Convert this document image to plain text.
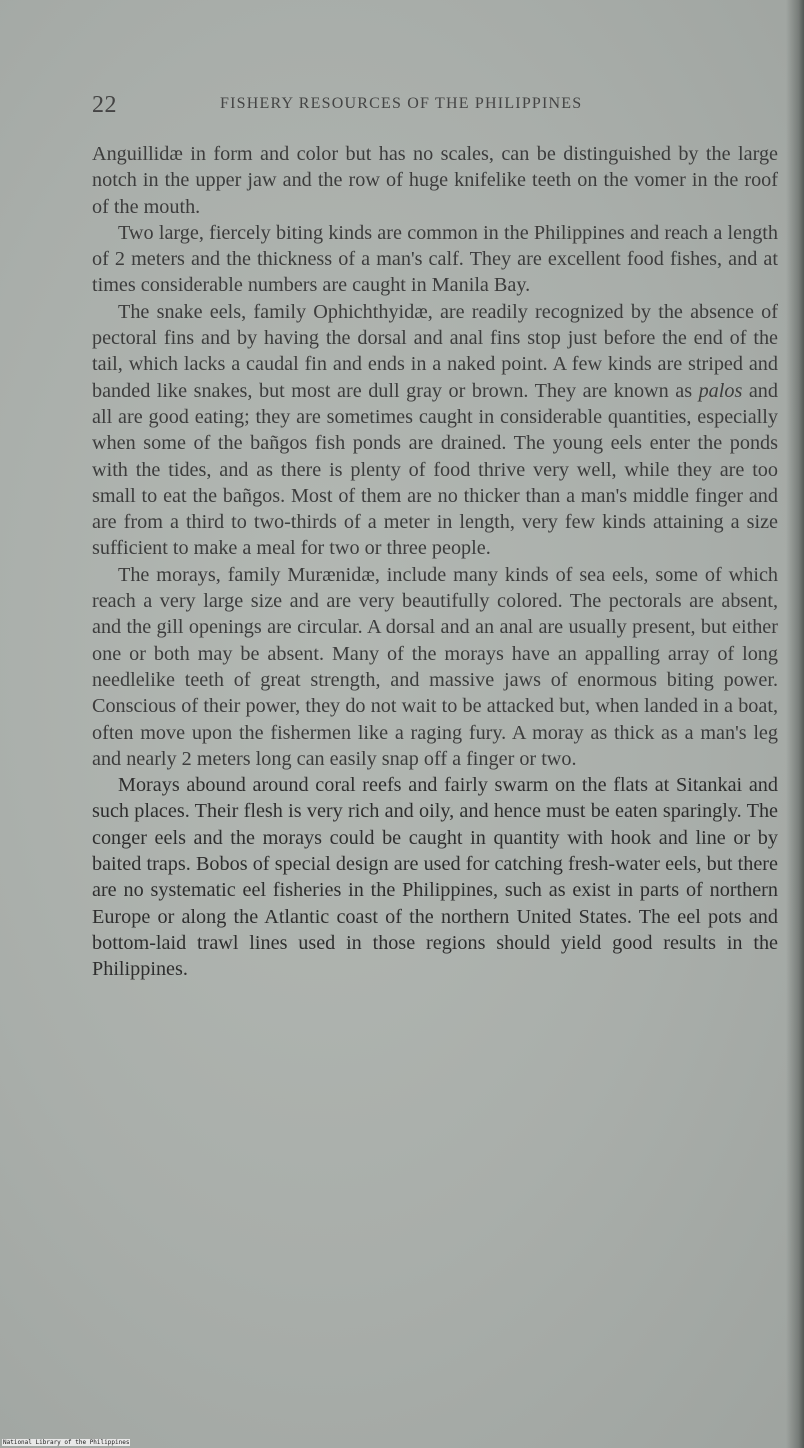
22	FISHERY RESOURCES OF THE PHILIPPINES

Anguillidæ in form and color but has no scales, can be distinguished by the large notch in the upper jaw and the row of huge knifelike teeth on the vomer in the roof of the mouth.

Two large, fiercely biting kinds are common in the Philippines and reach a length of 2 meters and the thickness of a man's calf. They are excellent food fishes, and at times considerable numbers are caught in Manila Bay.

The snake eels, family Ophichthyidæ, are readily recognized by the absence of pectoral fins and by having the dorsal and anal fins stop just before the end of the tail, which lacks a caudal fin and ends in a naked point. A few kinds are striped and banded like snakes, but most are dull gray or brown. They are known as palos and all are good eating; they are sometimes caught in considerable quantities, especially when some of the bañgos fish ponds are drained. The young eels enter the ponds with the tides, and as there is plenty of food thrive very well, while they are too small to eat the bañgos. Most of them are no thicker than a man's middle finger and are from a third to two-thirds of a meter in length, very few kinds attaining a size sufficient to make a meal for two or three people.

The morays, family Murænidæ, include many kinds of sea eels, some of which reach a very large size and are very beautifully colored. The pectorals are absent, and the gill openings are circular. A dorsal and an anal are usually present, but either one or both may be absent. Many of the morays have an appalling array of long needlelike teeth of great strength, and massive jaws of enormous biting power. Conscious of their power, they do not wait to be attacked but, when landed in a boat, often move upon the fishermen like a raging fury. A moray as thick as a man's leg and nearly 2 meters long can easily snap off a finger or two.

Morays abound around coral reefs and fairly swarm on the flats at Sitankai and such places. Their flesh is very rich and oily, and hence must be eaten sparingly. The conger eels and the morays could be caught in quantity with hook and line or by baited traps. Bobos of special design are used for catching fresh-water eels, but there are no systematic eel fisheries in the Philippines, such as exist in parts of northern Europe or along the Atlantic coast of the northern United States. The eel pots and bottom-laid trawl lines used in those regions should yield good results in the Philippines.

National Library of the Philippines
